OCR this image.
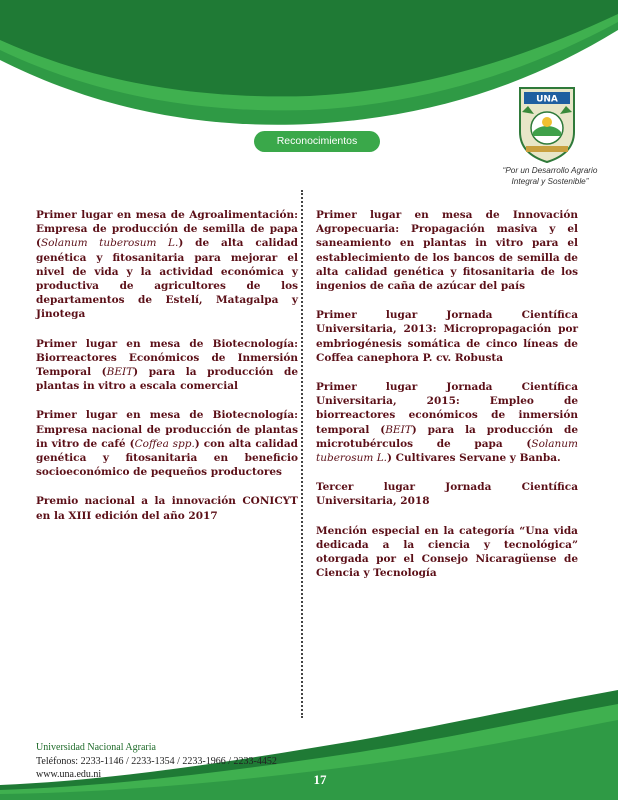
UNA
“Por un Desarrollo Agrario
Integral y Sostenible”
Reconocimientos

Primer lugar en mesa de Agroalimentación: Empresa de producción de semilla de papa (Solanum tuberosum L.) de alta calidad genética y fitosanitaria para mejorar el nivel de vida y la actividad económica y productiva de agricultores de los departamentos de Estelí, Matagalpa y Jinotega

Primer lugar en mesa de Biotecnología: Biorreactores Económicos de Inmersión Temporal (BEIT) para la producción de plantas in vitro a escala comercial

Primer lugar en mesa de Biotecnología: Empresa nacional de producción de plantas in vitro de café (Coffea spp.) con alta calidad genética y fitosanitaria en beneficio socioeconómico de pequeños productores

Premio nacional a la innovación CONICYT en la XIII edición del año 2017

Primer lugar en mesa de Innovación Agropecuaria: Propagación masiva y el saneamiento en plantas in vitro para el establecimiento de los bancos de semilla de alta calidad genética y fitosanitaria de los ingenios de caña de azúcar del país

Primer lugar Jornada Científica Universitaria, 2013: Micropropagación por embriogénesis somática de cinco líneas de Coffea canephora P. cv. Robusta

Primer lugar Jornada Científica Universitaria, 2015: Empleo de biorreactores económicos de inmersión temporal (BEIT) para la producción de microtubérculos de papa (Solanum tuberosum L.) Cultivares Servane y Banba.

Tercer lugar Jornada Científica Universitaria, 2018

Mención especial en la categoría “Una vida dedicada a la ciencia y tecnológica” otorgada por el Consejo Nicaragüense de Ciencia y Tecnología

Universidad Nacional Agraria
Teléfonos: 2233-1146 / 2233-1354 / 2233-1966 / 2233-4452
www.una.edu.ni	17
